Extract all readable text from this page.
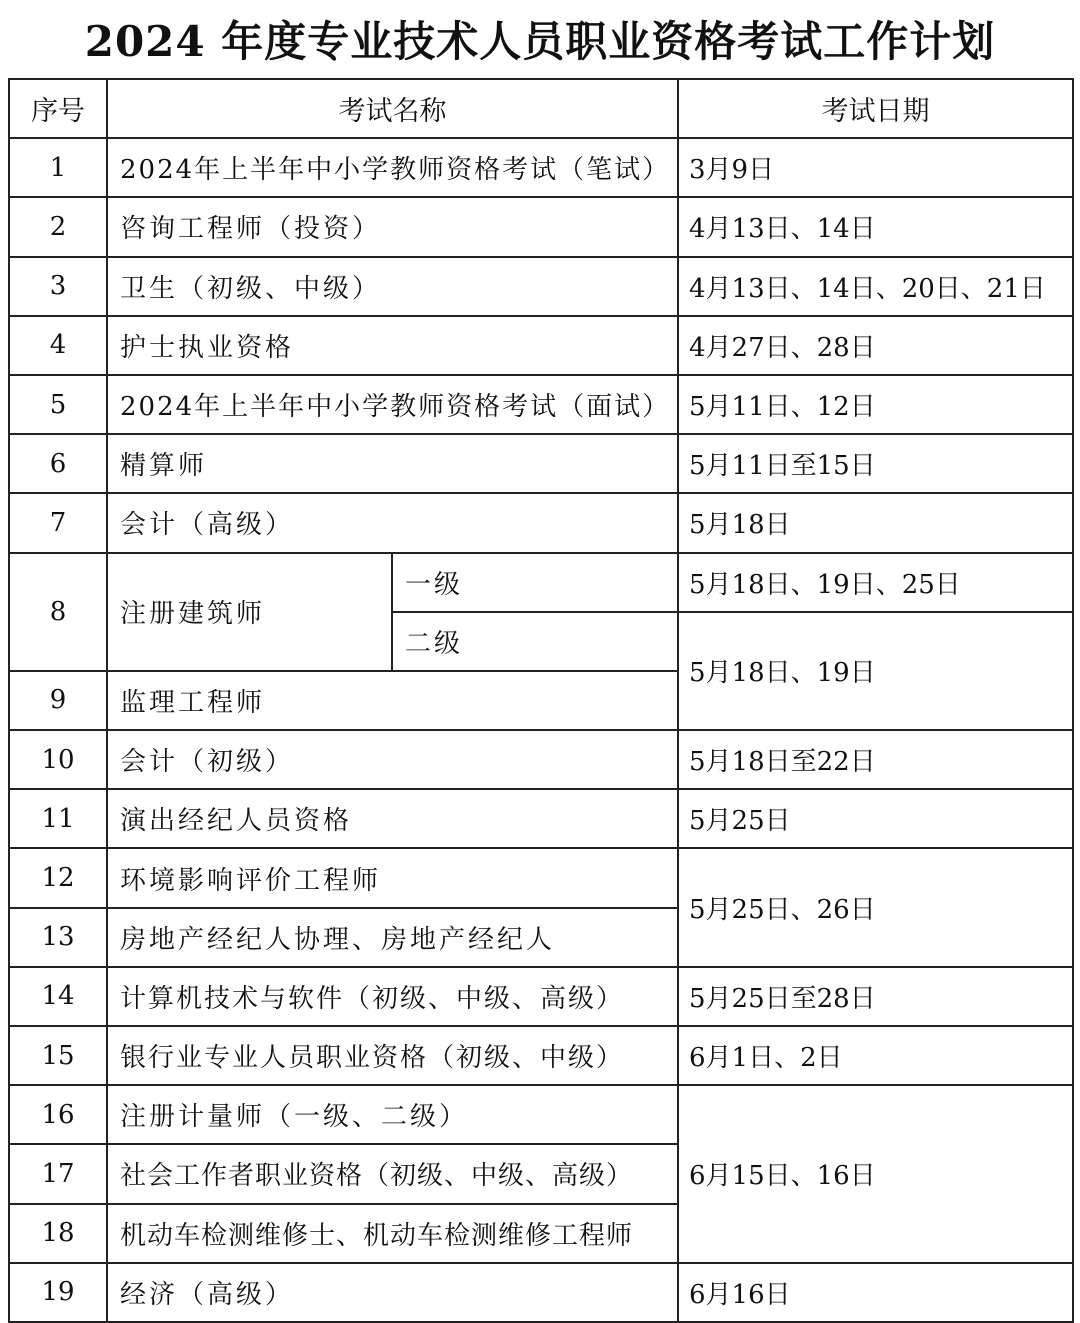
2024 年度专业技术人员职业资格考试工作计划
序号	考试名称		考试日期
1	2024年上半年中小学教师资格考试（笔试）		3月9日
2	咨询工程师（投资）		4月13日、14日
3	卫生（初级、中级）		4月13日、14日、20日、21日
4	护士执业资格		4月27日、28日
5	2024年上半年中小学教师资格考试（面试）		5月11日、12日
6	精算师		5月11日至15日
7	会计（高级）		5月18日
8	注册建筑师	一级	5月18日、19日、25日
		二级	5月18日、19日
9	监理工程师		
10	会计（初级）		5月18日至22日
11	演出经纪人员资格		5月25日
12	环境影响评价工程师		5月25日、26日
13	房地产经纪人协理、房地产经纪人		
14	计算机技术与软件（初级、中级、高级）		5月25日至28日
15	银行业专业人员职业资格（初级、中级）		6月1日、2日
16	注册计量师（一级、二级）		6月15日、16日
17	社会工作者职业资格（初级、中级、高级）		
18	机动车检测维修士、机动车检测维修工程师		
19	经济（高级）		6月16日
